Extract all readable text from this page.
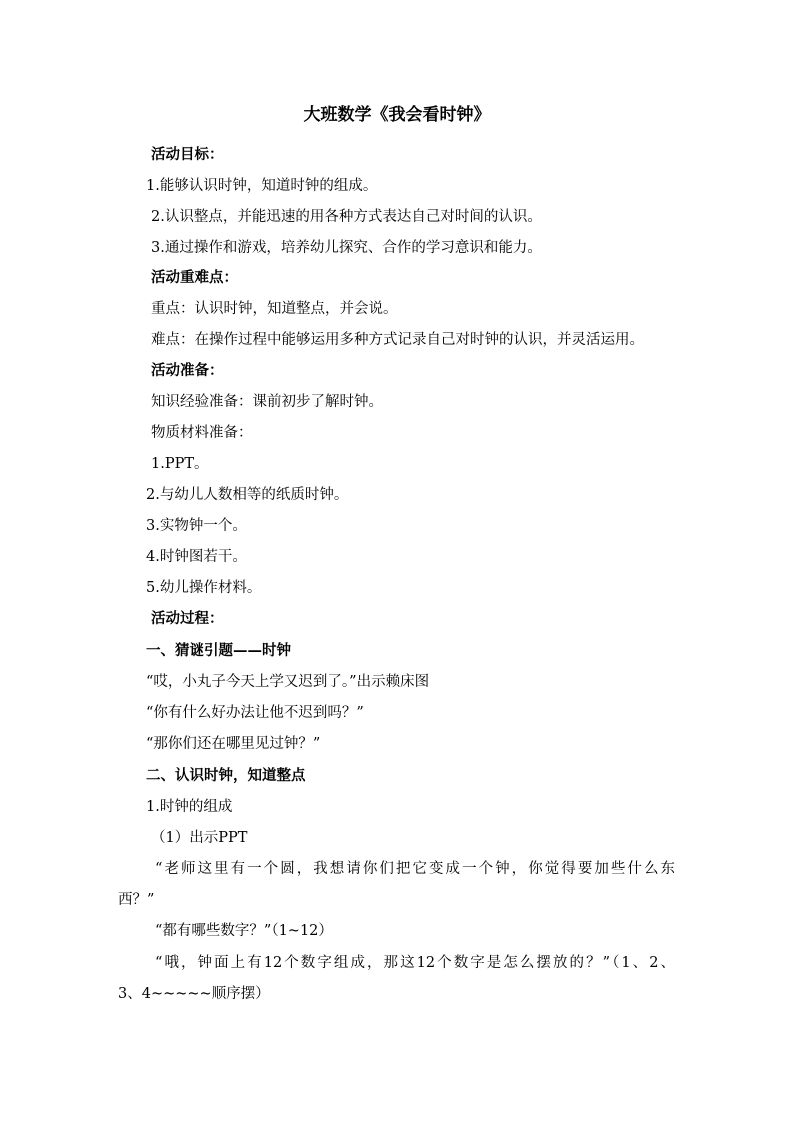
大班数学《我会看时钟》
活动目标：
1.能够认识时钟，知道时钟的组成。
2.认识整点，并能迅速的用各种方式表达自己对时间的认识。
3.通过操作和游戏，培养幼儿探究、合作的学习意识和能力。
活动重难点：
重点：认识时钟，知道整点，并会说。
难点：在操作过程中能够运用多种方式记录自己对时钟的认识，并灵活运用。
活动准备：
知识经验准备：课前初步了解时钟。
物质材料准备：
1.PPT。
2.与幼儿人数相等的纸质时钟。
3.实物钟一个。
4.时钟图若干。
5.幼儿操作材料。
活动过程：
一、猜谜引题——时钟
“哎，小丸子今天上学又迟到了。”出示赖床图
“你有什么好办法让他不迟到吗？”
“那你们还在哪里见过钟？”
二、认识时钟，知道整点
1.时钟的组成
（1）出示PPT
“老师这里有一个圆，我想请你们把它变成一个钟，你觉得要加些什么东
西？”
“都有哪些数字？”（1~12）
“哦，钟面上有12个数字组成，那这12个数字是怎么摆放的？”（1、2、
3、4~~~~~顺序摆）
